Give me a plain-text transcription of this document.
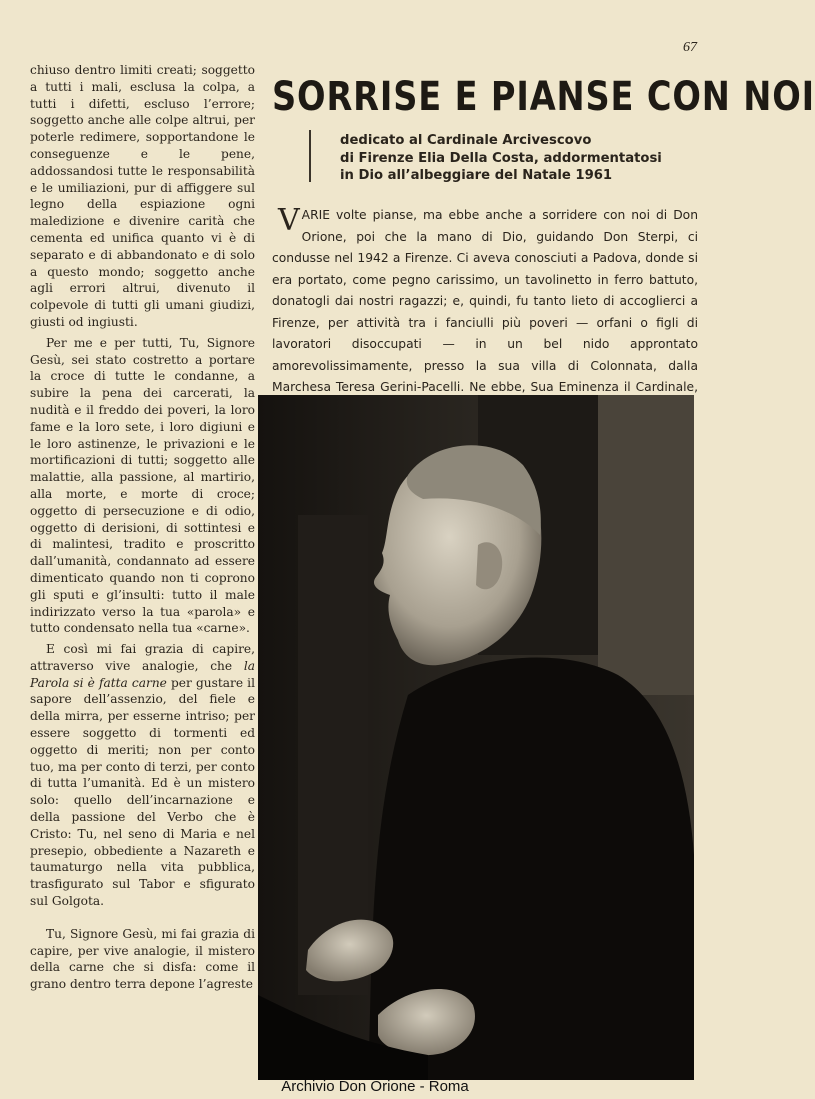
67

chiuso dentro limiti creati; soggetto a tutti i mali, esclusa la colpa, a tutti i difetti, escluso l’errore; soggetto anche alle colpe altrui, per poterle redimere, sopportandone le conseguenze e le pene, addossandosi tutte le responsabilità e le umiliazioni, pur di affiggere sul legno della espiazione ogni maledizione e divenire carità che cementa ed unifica quanto vi è di separato e di abbandonato e di solo a questo mondo; soggetto anche agli errori altrui, divenuto il colpevole di tutti gli umani giudizi, giusti od ingiusti.

Per me e per tutti, Tu, Signore Gesù, sei stato costretto a portare la croce di tutte le condanne, a subire la pena dei carcerati, la nudità e il freddo dei poveri, la loro fame e la loro sete, i loro digiuni e le loro astinenze, le privazioni e le mortificazioni di tutti; soggetto alle malattie, alla passione, al martirio, alla morte, e morte di croce; oggetto di persecuzione e di odio, oggetto di derisioni, di sottintesi e di malintesi, tradito e proscritto dall’umanità, condannato ad essere dimenticato quando non ti coprono gli sputi e gl’insulti: tutto il male indirizzato verso la tua «parola» e tutto condensato nella tua «carne».

E così mi fai grazia di capire, attraverso vive analogie, che la Parola si è fatta carne per gustare il sapore dell’assenzio, del fiele e della mirra, per esserne intriso; per essere soggetto di tormenti ed oggetto di meriti; non per conto tuo, ma per conto di terzi, per conto di tutta l’umanità. Ed è un mistero solo: quello dell’incarnazione e della passione del Verbo che è Cristo: Tu, nel seno di Maria e nel presepio, obbediente a Nazareth e taumaturgo nella vita pubblica, trasfigurato sul Tabor e sfigurato sul Golgota.

Tu, Signore Gesù, mi fai grazia di capire, per vive analogie, il mistero della carne che si disfa: come il grano dentro terra depone l’agreste

SORRISE E PIANSE CON NOI
dedicato al Cardinale Arcivescovo
di Firenze Elia Della Costa, addormentatosi
in Dio all’albeggiare del Natale 1961

VARIE volte pianse, ma ebbe anche a sorridere con noi di Don Orione, poi che la mano di Dio, guidando Don Sterpi, ci condusse nel 1942 a Firenze. Ci aveva conosciuti a Padova, donde si era portato, come pegno carissimo, un tavolinetto in ferro battuto, donatogli dai nostri ragazzi; e, quindi, fu tanto lieto di accoglierci a Firenze, per attività tra i fanciulli più poveri — orfani o figli di lavoratori disoccupati — in un bel nido approntato amorevolissimamente, presso la sua villa di Colonnata, dalla Marchesa Teresa Gerini-Pacelli. Ne ebbe, Sua Eminenza il Cardinale,

Archivio Don Orione - Roma
